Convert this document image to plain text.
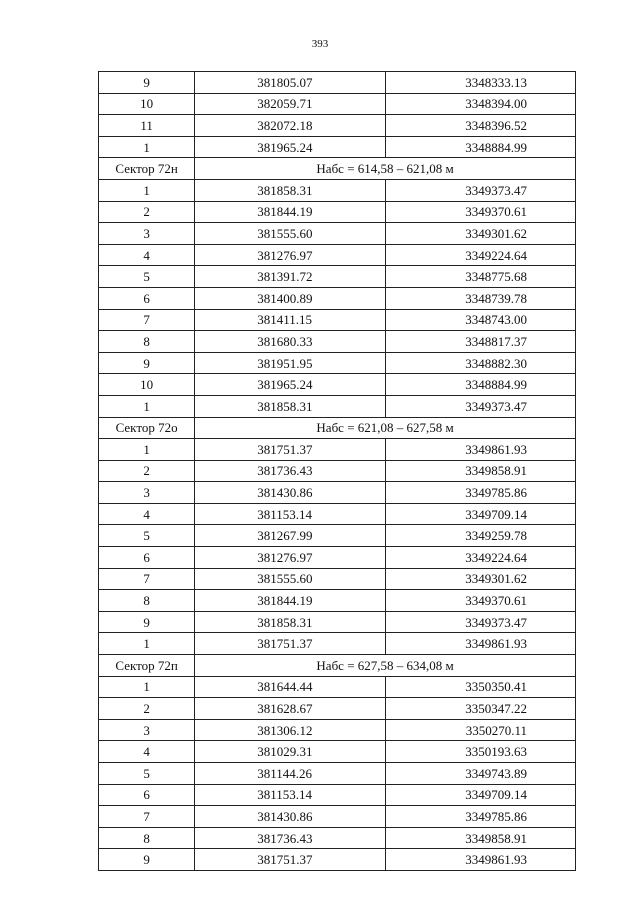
393
9	381805.07	3348333.13
10	382059.71	3348394.00
11	382072.18	3348396.52
1	381965.24	3348884.99
Сектор 72н	Набс = 614,58 – 621,08 м	
1	381858.31	3349373.47
2	381844.19	3349370.61
3	381555.60	3349301.62
4	381276.97	3349224.64
5	381391.72	3348775.68
6	381400.89	3348739.78
7	381411.15	3348743.00
8	381680.33	3348817.37
9	381951.95	3348882.30
10	381965.24	3348884.99
1	381858.31	3349373.47
Сектор 72о	Набс = 621,08 – 627,58 м	
1	381751.37	3349861.93
2	381736.43	3349858.91
3	381430.86	3349785.86
4	381153.14	3349709.14
5	381267.99	3349259.78
6	381276.97	3349224.64
7	381555.60	3349301.62
8	381844.19	3349370.61
9	381858.31	3349373.47
1	381751.37	3349861.93
Сектор 72п	Набс = 627,58 – 634,08 м	
1	381644.44	3350350.41
2	381628.67	3350347.22
3	381306.12	3350270.11
4	381029.31	3350193.63
5	381144.26	3349743.89
6	381153.14	3349709.14
7	381430.86	3349785.86
8	381736.43	3349858.91
9	381751.37	3349861.93
